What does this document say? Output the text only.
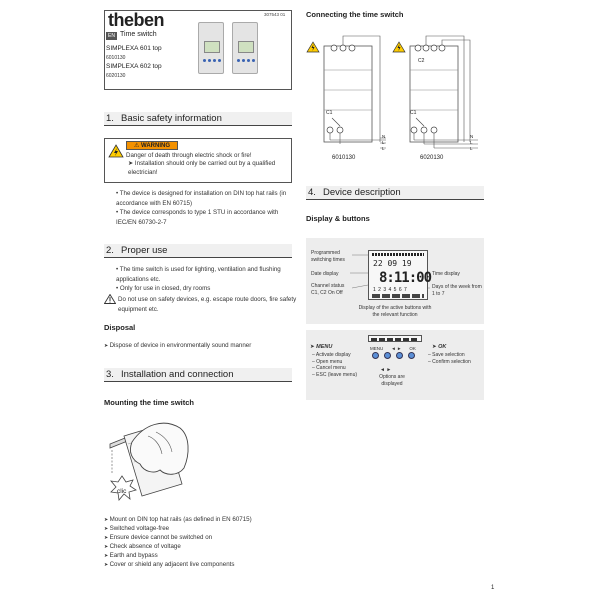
theben	307543 01
EN Time switch
SIMPLEXA 601 top
6010130
SIMPLEXA 602 top
6020130
1. Basic safety information
⚠ WARNING
Danger of death through electric shock or fire!
➤ Installation should only be carried out by a qualified electrician!
• The device is designed for installation on DIN top hat rails (in accordance with EN 60715)
• The device corresponds to type 1 STU in accordance with IEC/EN 60730-2-7
2. Proper use
• The time switch is used for lighting, ventilation and flushing applications etc.
• Only for use in closed, dry rooms
Do not use on safety devices, e.g. escape route doors, fire safety equipment etc.
Disposal
➤ Dispose of device in environmentally sound manner
3. Installation and connection
Mounting the time switch
clic
➤ Mount on DIN top hat rails (as defined in EN 60715)
➤ Switched voltage-free
➤ Ensure device cannot be switched on
➤ Check absence of voltage
➤ Earth and bypass
➤ Cover or shield any adjacent live components
Connecting the time switch
C1
N
L
L
6010130
C2
C1
N
L
L
6020130
4. Device description
Display & buttons
Programmed switching times
Date display
Channel status C1, C2 On Off
Time display
Days of the week from 1 to 7
Display of the active buttons with the relevant function
22 09 19
8:11:00
1 2 3 4 5 6 7
➤ MENU	➤ OK
MENU ◄ ► OK
– Activate display
– Open menu
– Cancel menu
– ESC (leave menu)
– Save selection
– Confirm selection
◄ ►
Options are displayed
1
